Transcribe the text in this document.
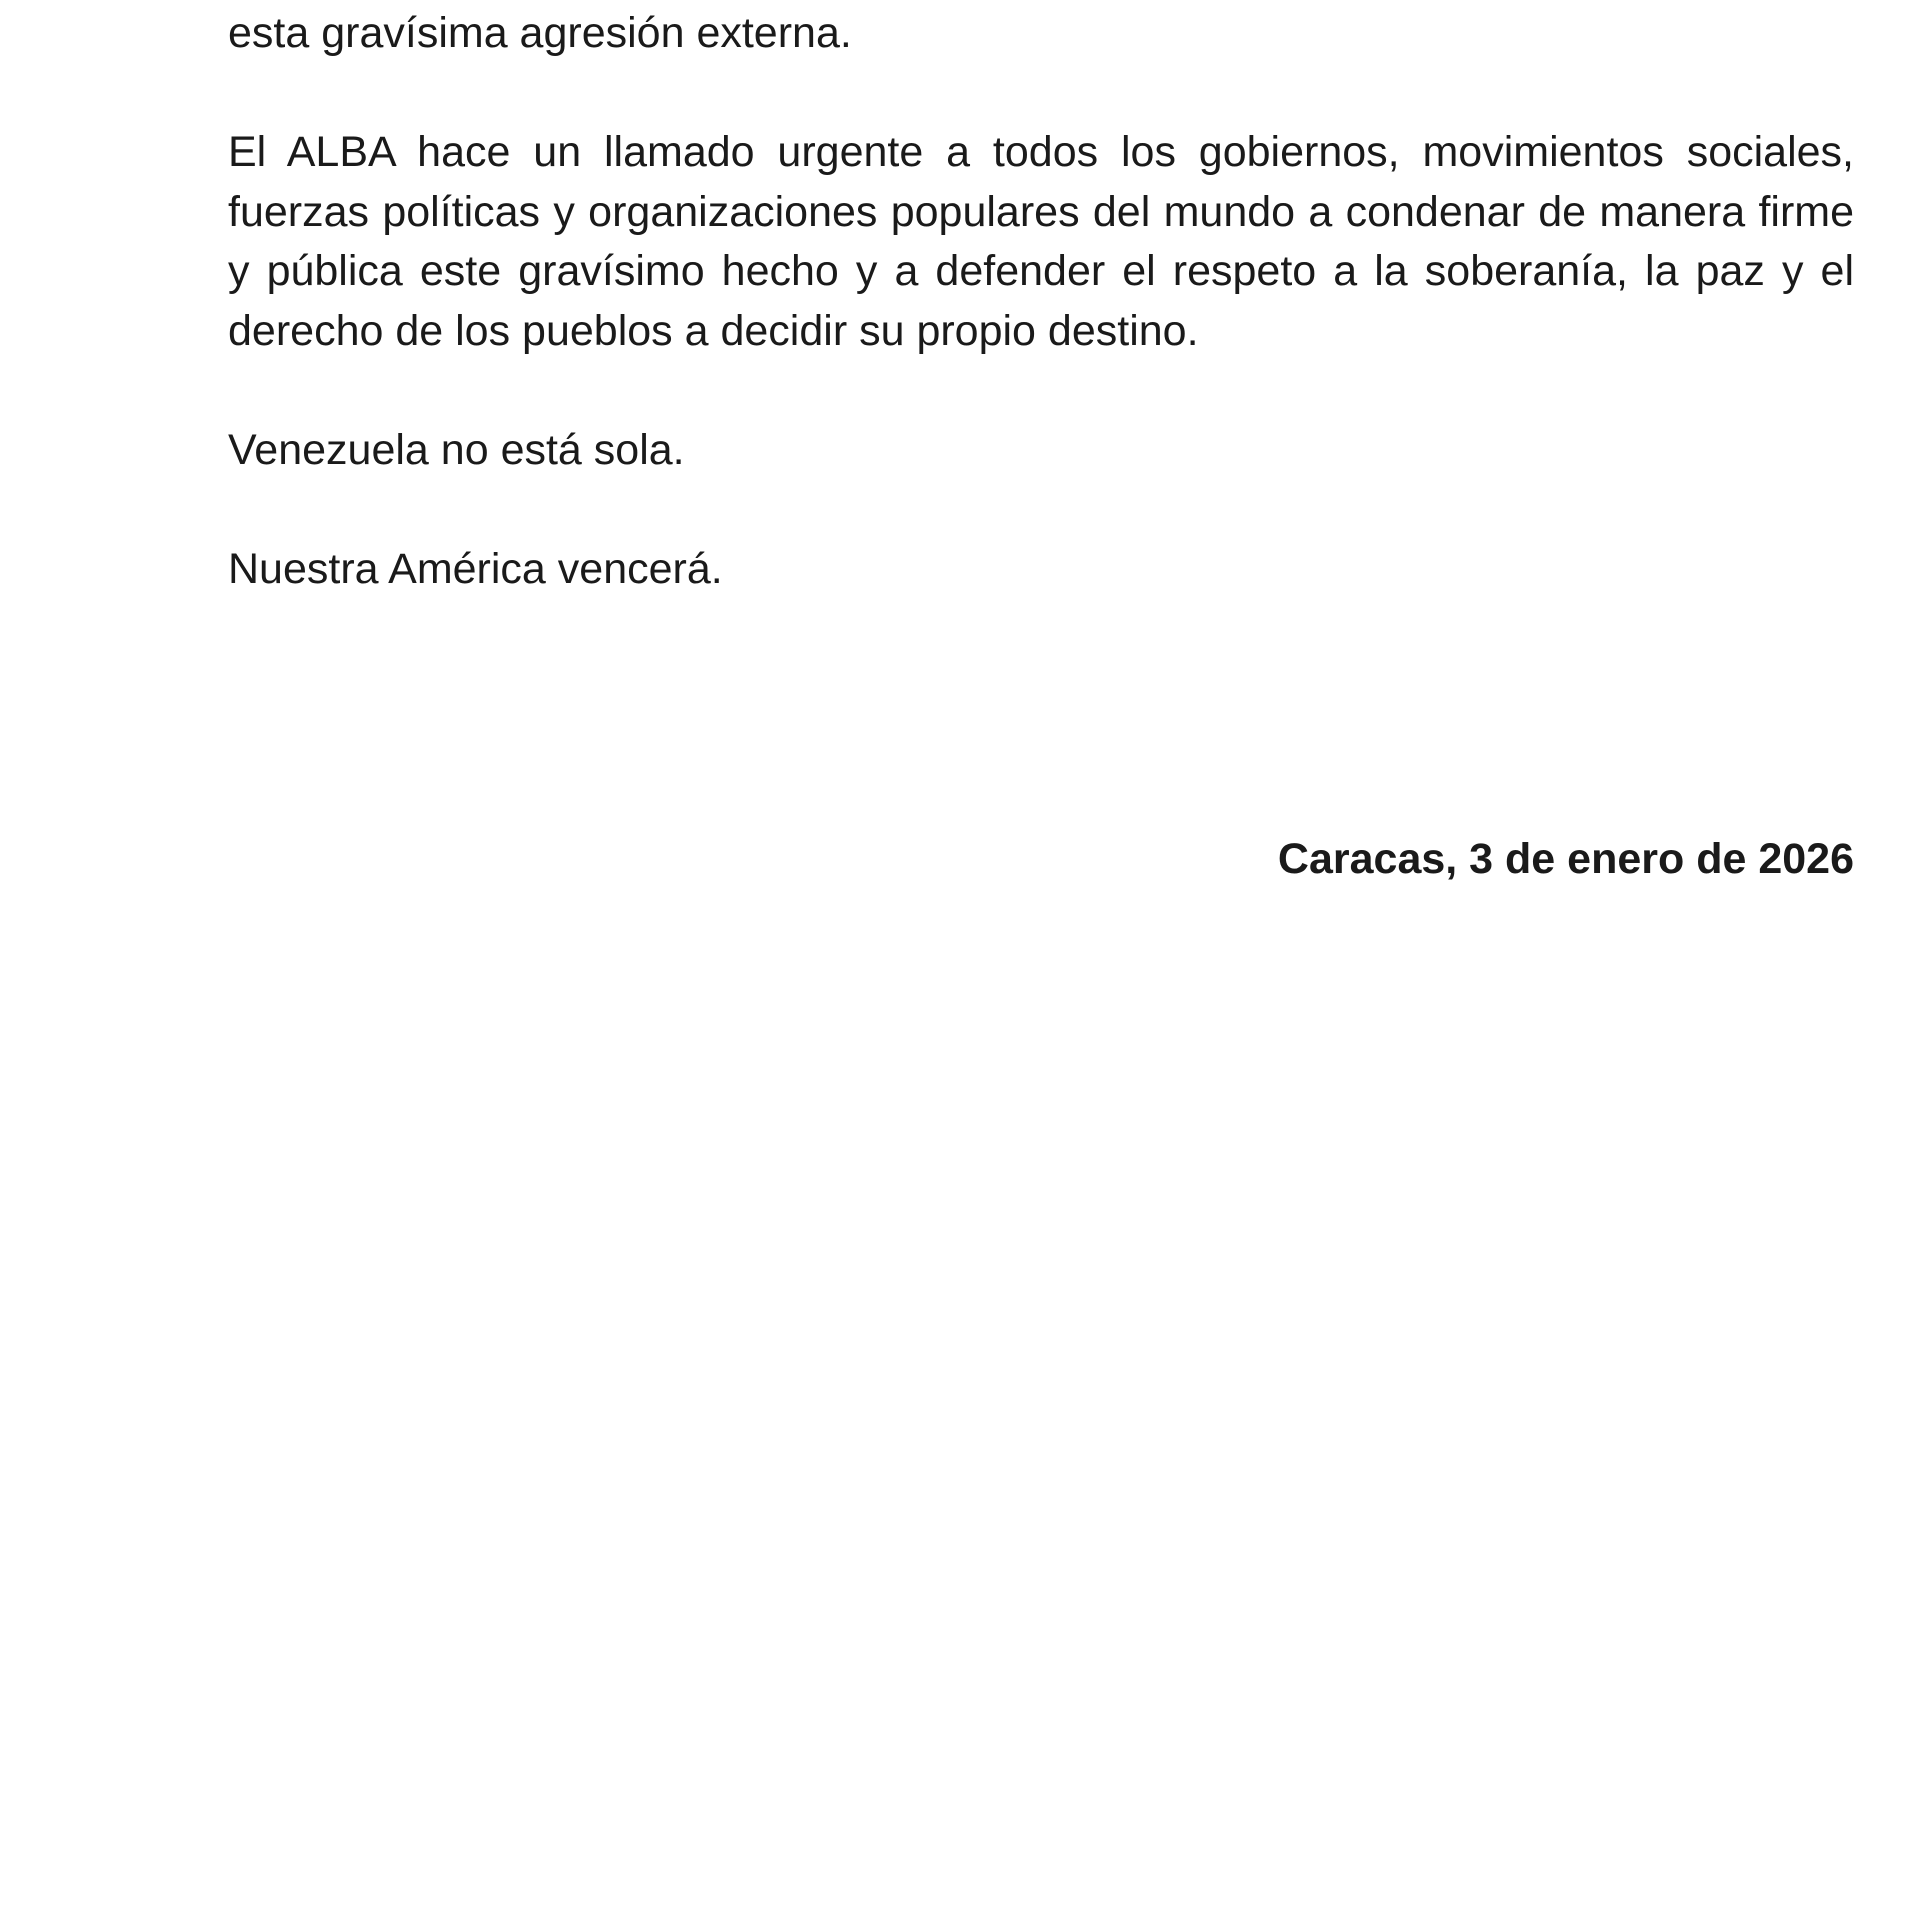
esta gravísima agresión externa.

El ALBA hace un llamado urgente a todos los gobiernos, movimientos sociales, fuerzas políticas y organizaciones populares del mundo a condenar de manera firme y pública este gravísimo hecho y a defender el respeto a la soberanía, la paz y el derecho de los pueblos a decidir su propio destino.

Venezuela no está sola.

Nuestra América vencerá.

Caracas, 3 de enero de 2026
